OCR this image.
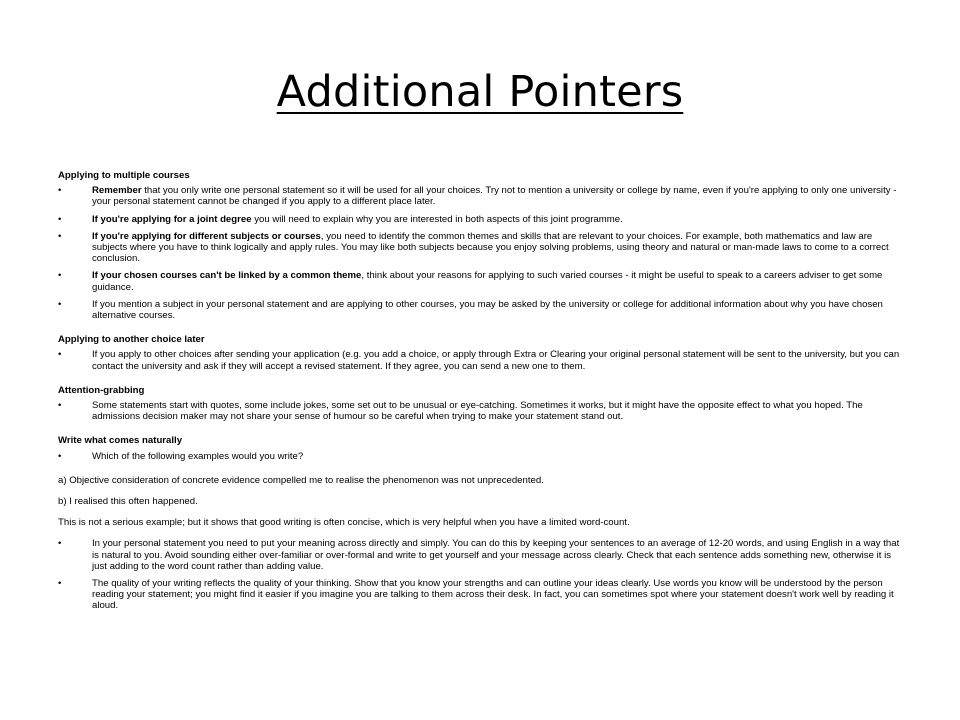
Additional Pointers
Applying to multiple courses
• Remember that you only write one personal statement so it will be used for all your choices. Try not to mention a university or college by name, even if you're applying to only one university - your personal statement cannot be changed if you apply to a different place later.
• If you're applying for a joint degree you will need to explain why you are interested in both aspects of this joint programme.
• If you're applying for different subjects or courses, you need to identify the common themes and skills that are relevant to your choices. For example, both mathematics and law are subjects where you have to think logically and apply rules. You may like both subjects because you enjoy solving problems, using theory and natural or man-made laws to come to a correct conclusion.
• If your chosen courses can't be linked by a common theme, think about your reasons for applying to such varied courses - it might be useful to speak to a careers adviser to get some guidance.
• If you mention a subject in your personal statement and are applying to other courses, you may be asked by the university or college for additional information about why you have chosen alternative courses.
Applying to another choice later
• If you apply to other choices after sending your application (e.g. you add a choice, or apply through Extra or Clearing your original personal statement will be sent to the university, but you can contact the university and ask if they will accept a revised statement. If they agree, you can send a new one to them.
Attention-grabbing
• Some statements start with quotes, some include jokes, some set out to be unusual or eye-catching. Sometimes it works, but it might have the opposite effect to what you hoped. The admissions decision maker may not share your sense of humour so be careful when trying to make your statement stand out.
Write what comes naturally
• Which of the following examples would you write?
a) Objective consideration of concrete evidence compelled me to realise the phenomenon was not unprecedented.
b) I realised this often happened.
This is not a serious example; but it shows that good writing is often concise, which is very helpful when you have a limited word-count.
• In your personal statement you need to put your meaning across directly and simply. You can do this by keeping your sentences to an average of 12-20 words, and using English in a way that is natural to you. Avoid sounding either over-familiar or over-formal and write to get yourself and your message across clearly. Check that each sentence adds something new, otherwise it is just adding to the word count rather than adding value.
• The quality of your writing reflects the quality of your thinking. Show that you know your strengths and can outline your ideas clearly. Use words you know will be understood by the person reading your statement; you might find it easier if you imagine you are talking to them across their desk. In fact, you can sometimes spot where your statement doesn't work well by reading it aloud.
